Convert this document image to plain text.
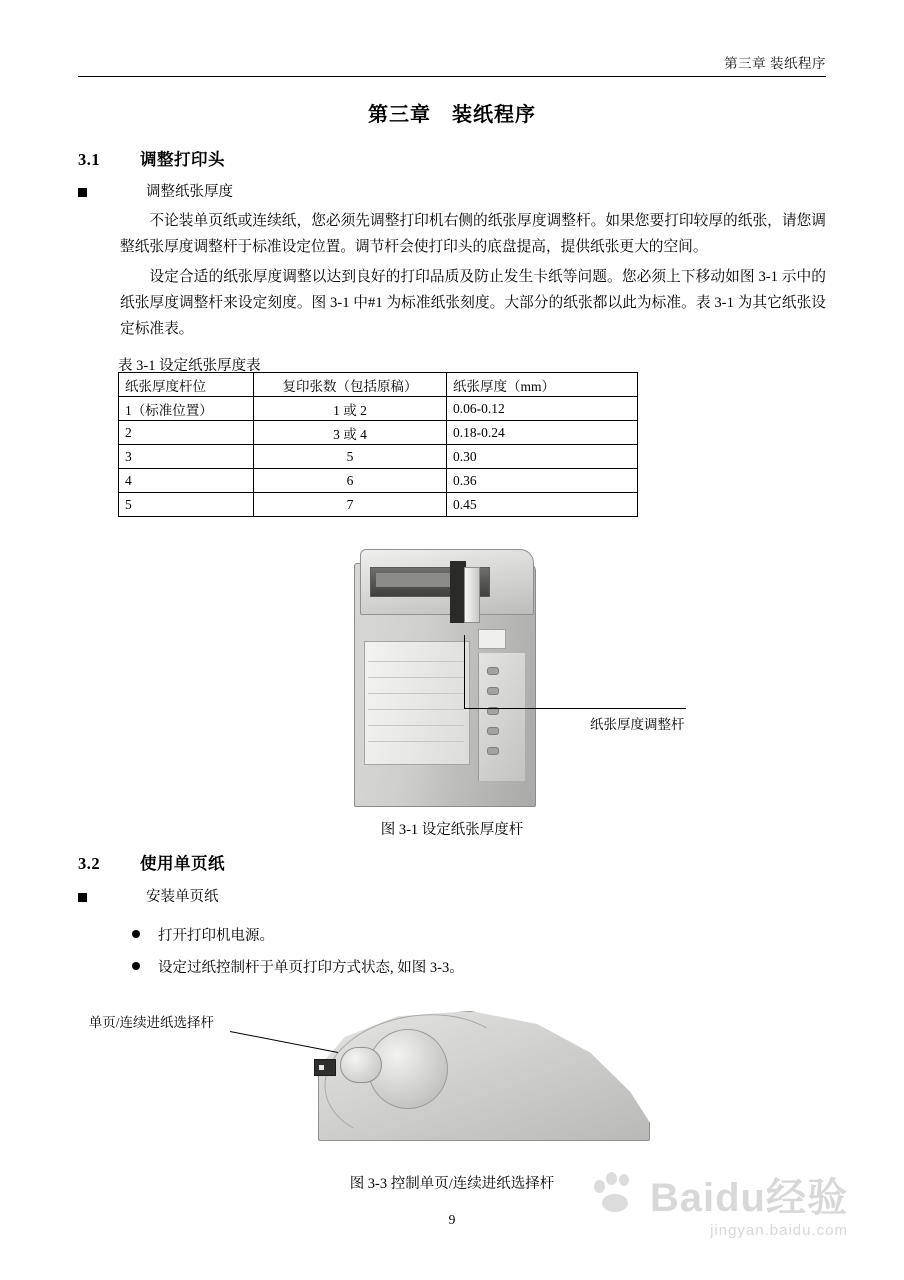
第三章 装纸程序
第三章　装纸程序
3.1 调整打印头
调整纸张厚度
不论装单页纸或连续纸，您必须先调整打印机右侧的纸张厚度调整杆。如果您要打印较厚的纸张，请您调整纸张厚度调整杆于标准设定位置。调节杆会使打印头的底盘提高，提供纸张更大的空间。
设定合适的纸张厚度调整以达到良好的打印品质及防止发生卡纸等问题。您必须上下移动如图 3-1 示中的纸张厚度调整杆来设定刻度。图 3-1 中#1 为标准纸张刻度。大部分的纸张都以此为标准。表 3-1 为其它纸张设定标准表。
表 3-1 设定纸张厚度表
纸张厚度杆位	复印张数（包括原稿）	纸张厚度（mm）
1（标准位置）	1 或 2	0.06-0.12
2	3 或 4	0.18-0.24
3	5	0.30
4	6	0.36
5	7	0.45
纸张厚度调整杆
图 3-1 设定纸张厚度杆
3.2 使用单页纸
安装单页纸
打开打印机电源。
设定过纸控制杆于单页打印方式状态, 如图 3-3。
单页/连续进纸选择杆
图 3-3 控制单页/连续进纸选择杆
9	Baidu经验
jingyan.baidu.com
